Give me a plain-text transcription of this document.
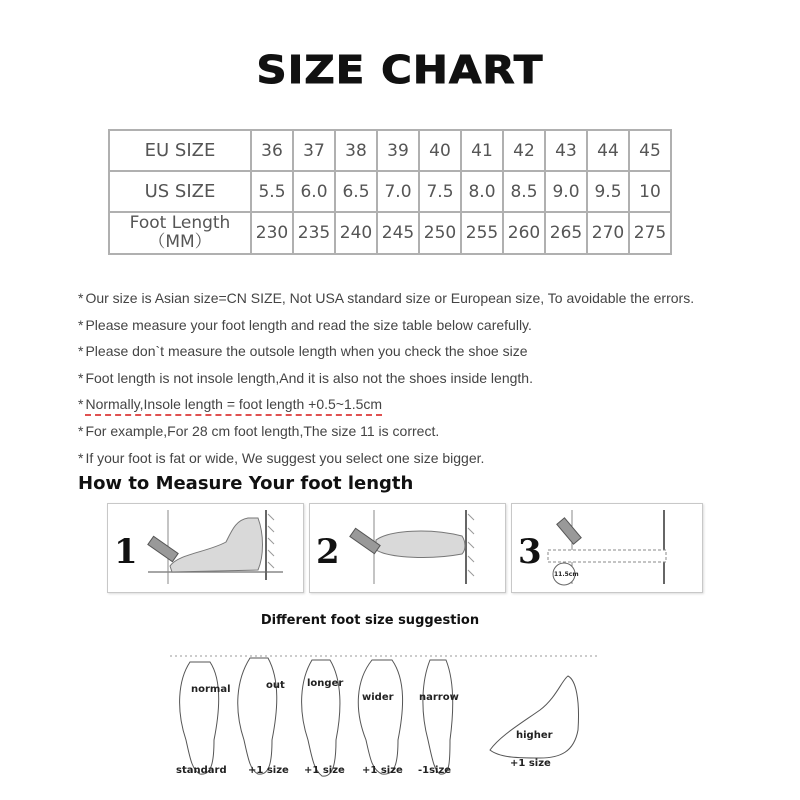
SIZE CHART
EU SIZE	36	37	38	39	40	41	42	43	44	45
US SIZE	5.5	6.0	6.5	7.0	7.5	8.0	8.5	9.0	9.5	10

Foot Length
（MM）	230	235	240	245	250	255	260	265	270	275
* Our size is Asian size=CN SIZE, Not USA standard size or European size, To avoidable the errors.
* Please measure your foot length and read the size table below carefully.
* Please don`t measure the outsole length when you check the shoe size
* Foot length is not insole length,And it is also not the shoes inside length.
* Normally,Insole length = foot length +0.5~1.5cm
* For example,For 28 cm foot length,The size 11 is correct.
* If your foot is fat or wide, We suggest you select one size bigger.
How to Measure Your foot length
1	2	3
11.5cm
Different foot size suggestion
normal	out longer
wider	narrow
higher
standard +1 size +1 size +1 size -1size
+1 size
